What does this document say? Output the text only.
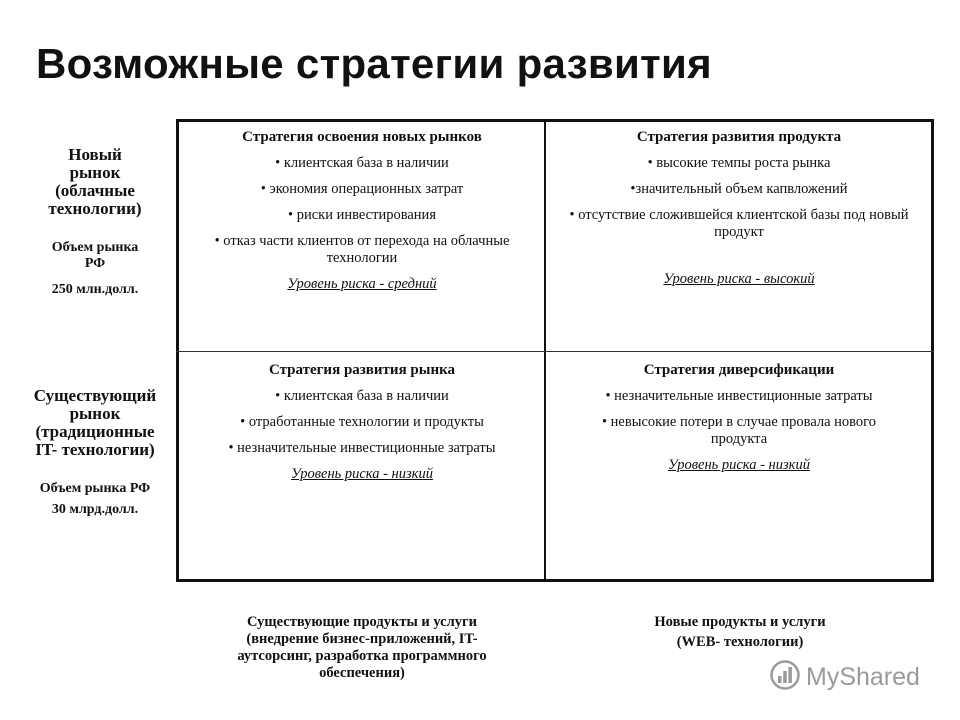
Возможные стратегии развития
Новый
рынок
(облачные
технологии)
Объем рынка
РФ
250 млн.долл.
Существующий
рынок
(традиционные
IT- технологии)
Объем рынка РФ
30 млрд.долл.
Стратегия освоения новых рынков
• клиентская база в наличии
• экономия операционных затрат
• риски инвестирования
• отказ части клиентов от перехода на облачные технологии
Уровень риска - средний
Стратегия развития продукта
• высокие темпы роста рынка
•значительный объем капвложений
• отсутствие сложившейся клиентской базы под новый продукт
Уровень риска - высокий
Стратегия развития рынка
• клиентская база в наличии
• отработанные технологии и продукты
• незначительные инвестиционные затраты
Уровень риска - низкий
Стратегия диверсификации
• незначительные инвестиционные затраты
• невысокие потери в случае провала нового продукта
Уровень риска - низкий
Существующие продукты и услуги
(внедрение бизнес-приложений, IT-
аутсорсинг, разработка программного
обеспечения)
Новые продукты и услуги
(WEB- технологии)
MyShared
